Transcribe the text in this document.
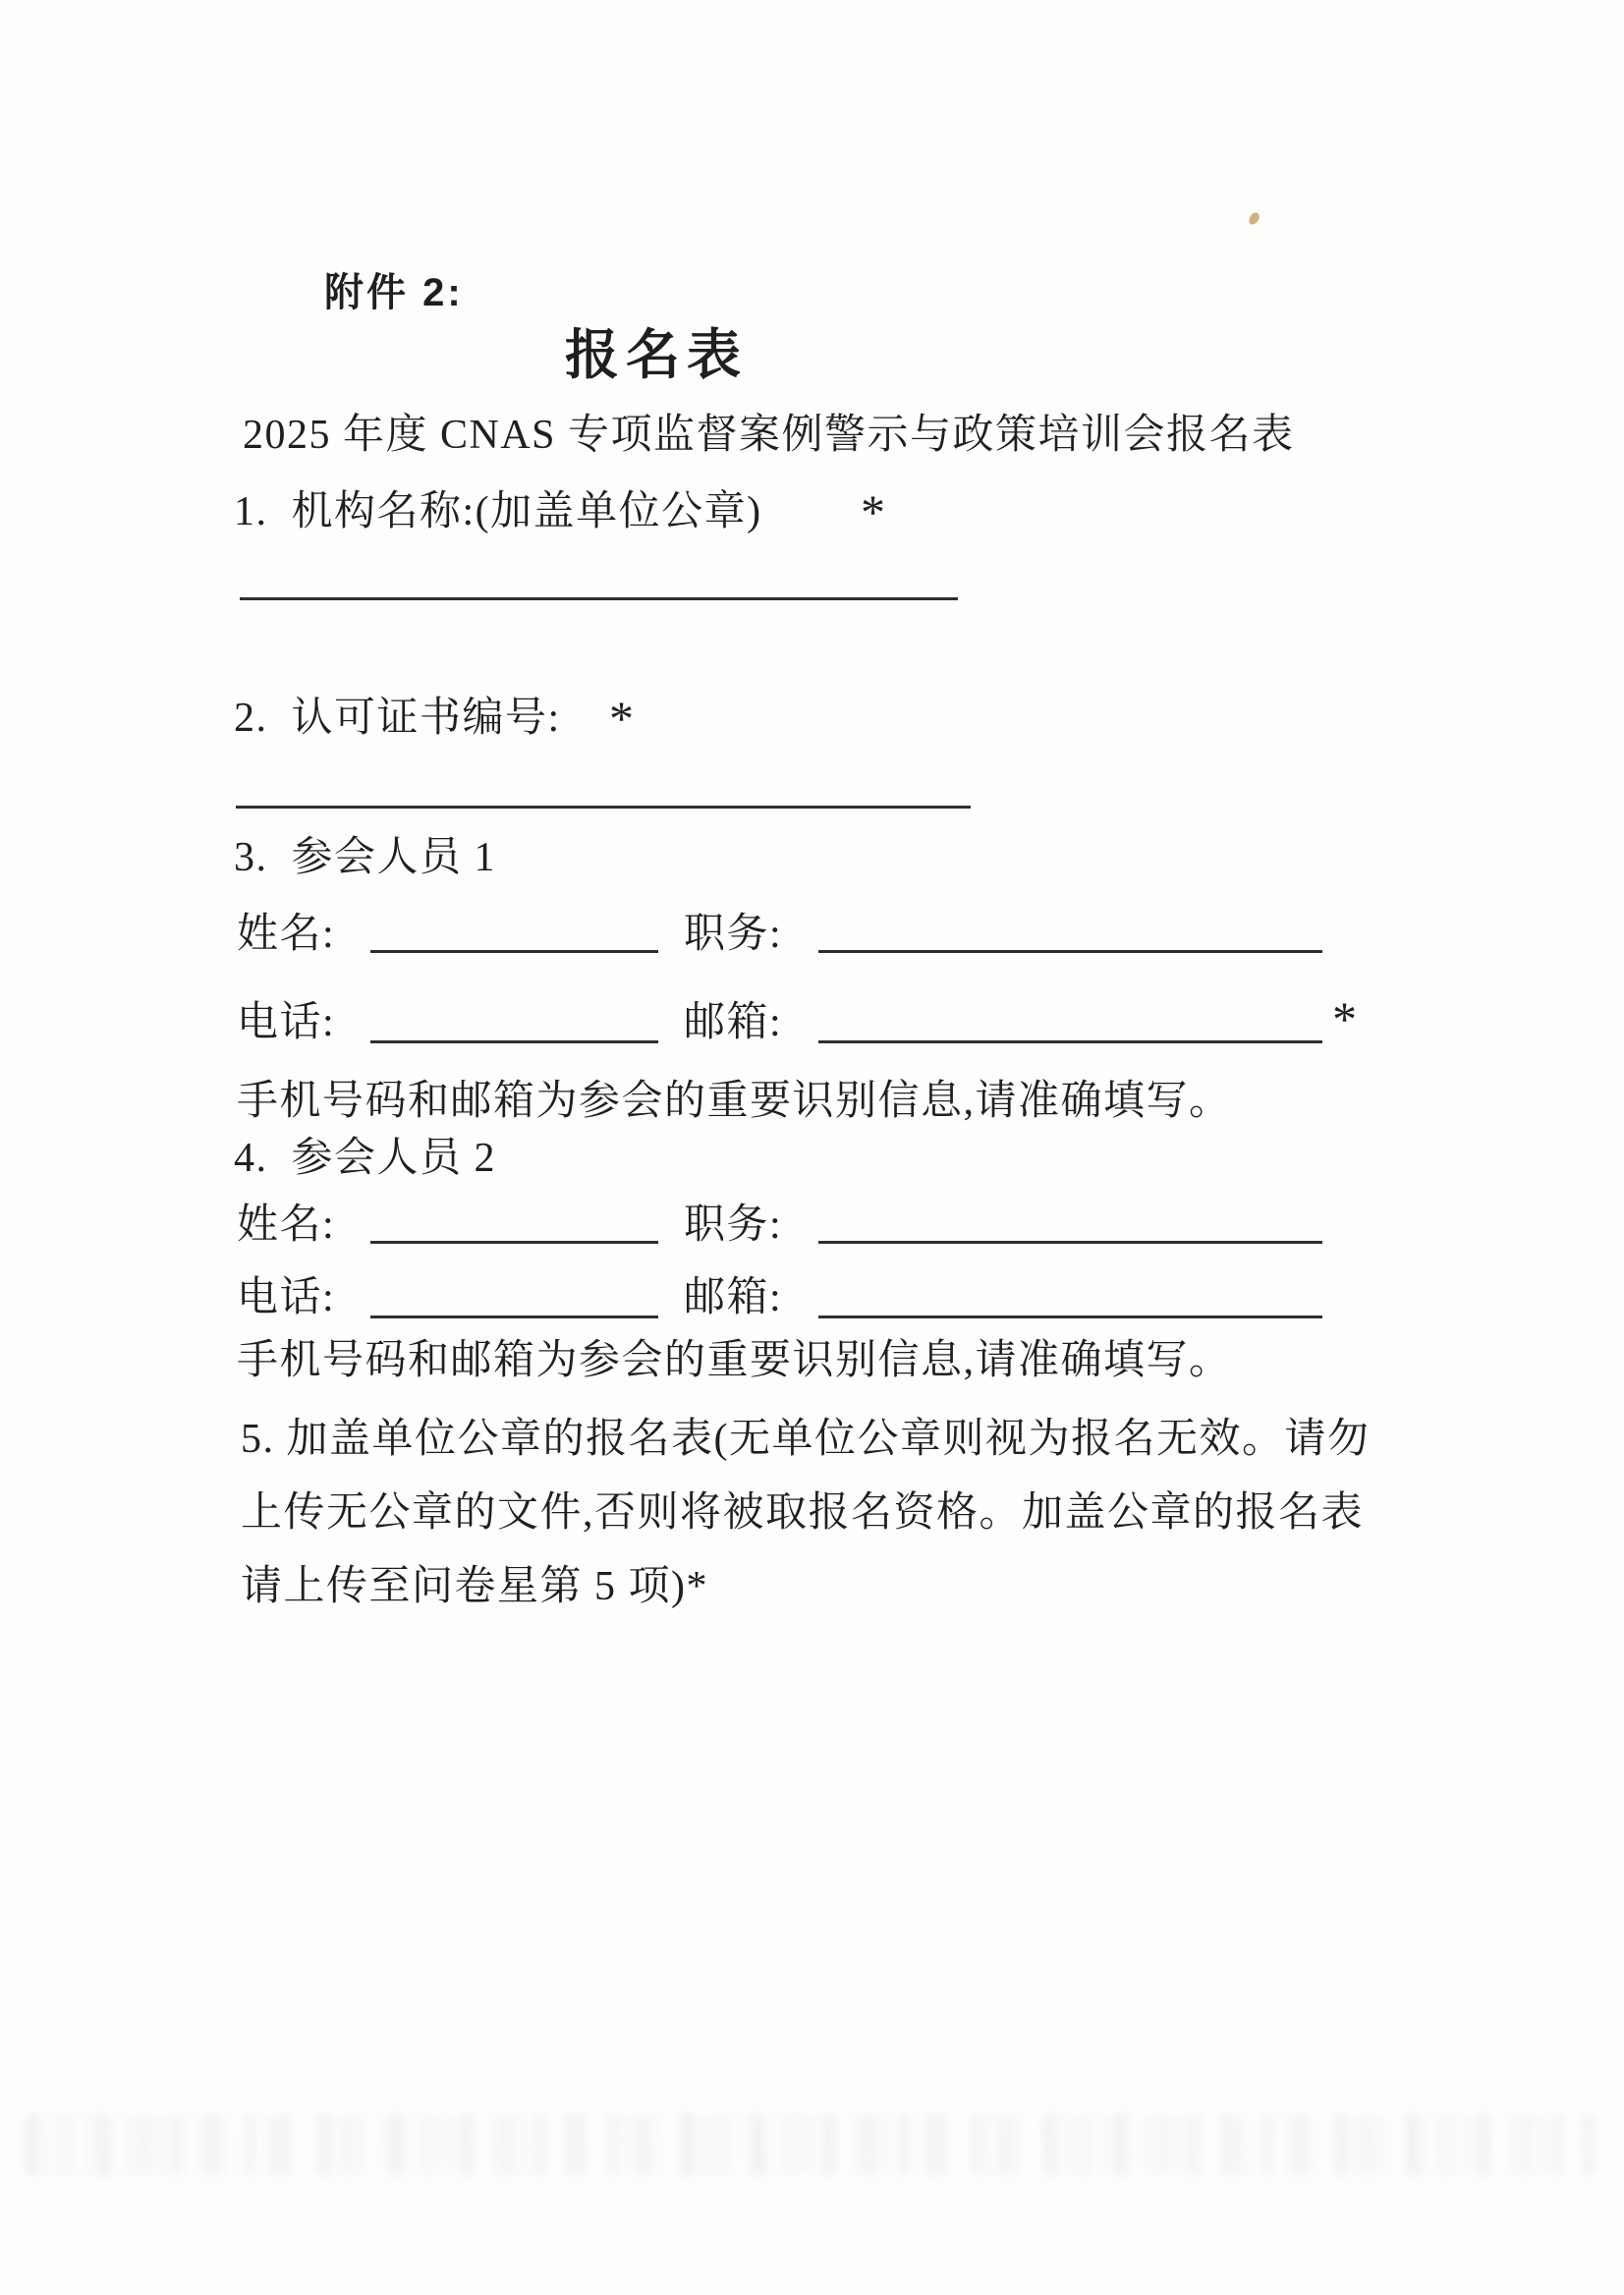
附件 2:
报名表
2025 年度 CNAS 专项监督案例警示与政策培训会报名表
1.  机构名称:(加盖单位公章) *
2.  认可证书编号: *
3.  参会人员 1
姓名:	职务:
电话:	邮箱:	*
手机号码和邮箱为参会的重要识别信息,请准确填写。
4.  参会人员 2
姓名:	职务:
电话:	邮箱:
手机号码和邮箱为参会的重要识别信息,请准确填写。
5. 加盖单位公章的报名表(无单位公章则视为报名无效。请勿
上传无公章的文件,否则将被取报名资格。加盖公章的报名表
请上传至问卷星第 5 项)*
